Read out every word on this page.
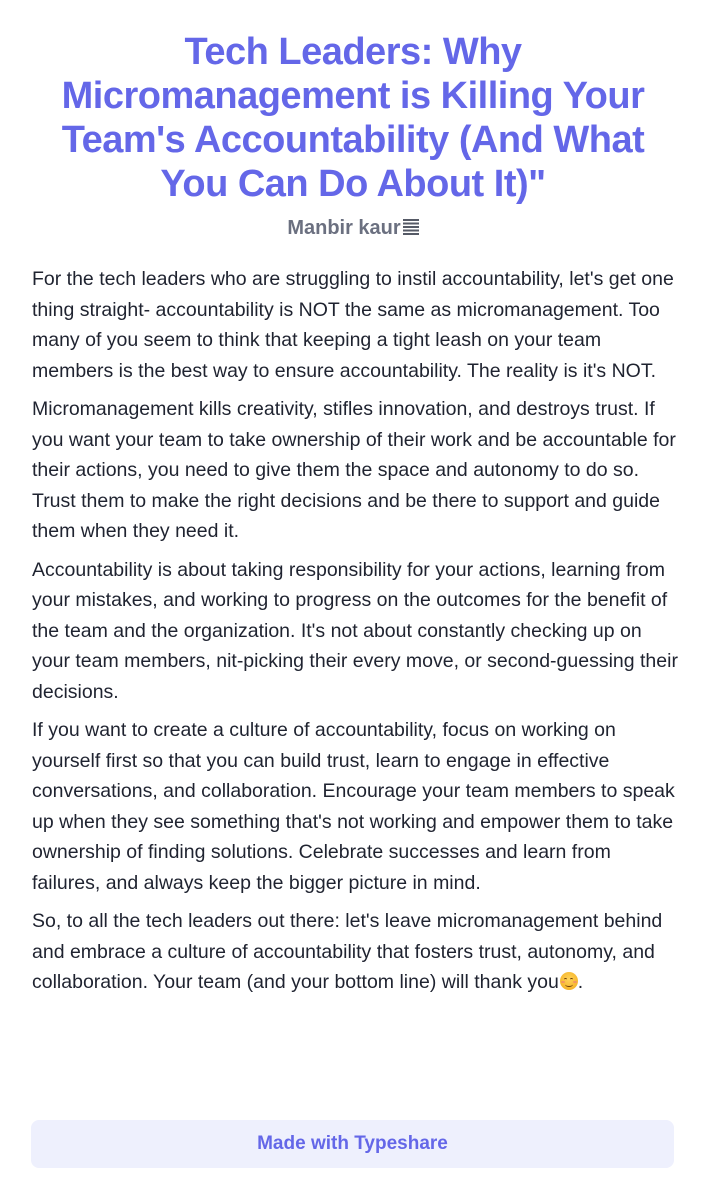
Tech Leaders: Why Micromanagement is Killing Your Team's Accountability (And What You Can Do About It)"
Manbir kaur

For the tech leaders who are struggling to instil accountability, let's get one thing straight- accountability is NOT the same as micromanagement. Too many of you seem to think that keeping a tight leash on your team members is the best way to ensure accountability. The reality is it's NOT.

Micromanagement kills creativity, stifles innovation, and destroys trust. If you want your team to take ownership of their work and be accountable for their actions, you need to give them the space and autonomy to do so. Trust them to make the right decisions and be there to support and guide them when they need it.

Accountability is about taking responsibility for your actions, learning from your mistakes, and working to progress on the outcomes for the benefit of the team and the organization. It's not about constantly checking up on your team members, nit-picking their every move, or second-guessing their decisions.

If you want to create a culture of accountability, focus on working on yourself first so that you can build trust, learn to engage in effective conversations, and collaboration. Encourage your team members to speak up when they see something that's not working and empower them to take ownership of finding solutions. Celebrate successes and learn from failures, and always keep the bigger picture in mind.

So, to all the tech leaders out there: let's leave micromanagement behind and embrace a culture of accountability that fosters trust, autonomy, and collaboration. Your team (and your bottom line) will thank you .

Made with Typeshare
